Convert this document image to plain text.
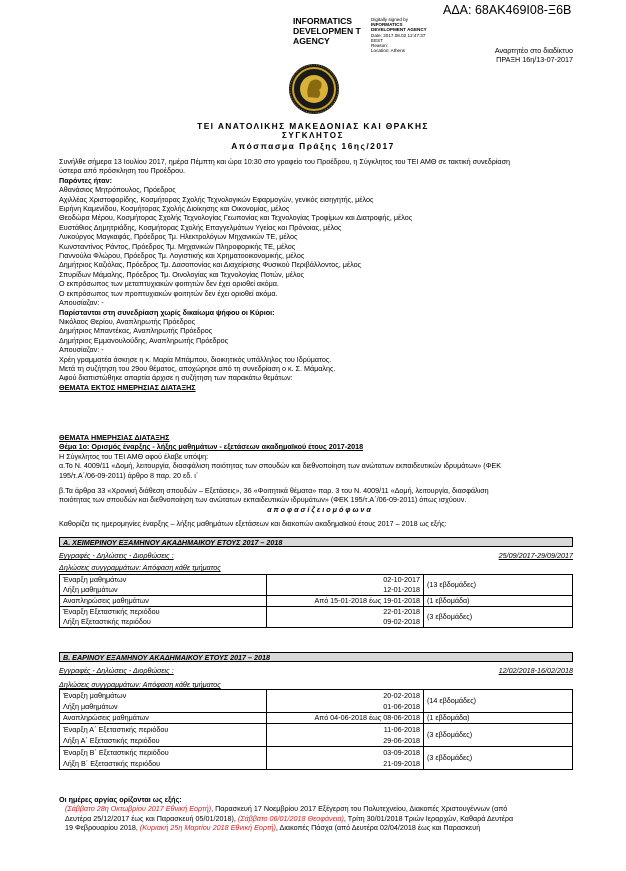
ΑΔΑ: 68ΑΚ469Ι08-Ξ6Β
INFORMATICS DEVELOPMEN T AGENCY
Digitally signed by
INFORMATICS
DEVELOPMENT AGENCY
Date: 2017.08.02 12:47:37
EEST
Reason:
Location: Athens	Αναρτητέο στο διαδίκτυο
ΠΡΑΞΗ 16η/13-07-2017
ΤΕΙ ΑΝΑΤΟΛΙΚΗΣ ΜΑΚΕΔΟΝΙΑΣ ΚΑΙ ΘΡΑΚΗΣ
ΣΥΓΚΛΗΤΟΣ
Απόσπασμα Πράξης 16ης/2017
Συνήλθε σήμερα 13 Ιουλίου 2017, ημέρα Πέμπτη και ώρα 10:30 στο γραφείο του Προέδρου, η Σύγκλητος του ΤΕΙ ΑΜΘ σε τακτική συνεδρίαση
ύστερα από πρόσκληση του Προέδρου.
Παρόντες ήταν:
Αθανάσιος Μητρόπουλος, Πρόεδρος
Αχιλλέας Χριστοφορίδης, Κοσμήτορας Σχολής Τεχνολογικών Εφαρμογών, γενικός εισηγητής, μέλος
Ειρήνη Καμενίδου, Κοσμήτορας Σχολής Διοίκησης και Οικονομίας, μέλος
Θεοδώρα Μέρου, Κοσμήτορας Σχολής Τεχνολογίας Γεωπονίας και Τεχνολογίας Τροφίμων και Διατροφής, μέλος
Ευστάθιος Δημητριάδης, Κοσμήτορας Σχολής Επαγγελμάτων Υγείας και Πρόνοιας, μέλος
Λυκούργος Μαγκαφάς, Πρόεδρος Τμ. Ηλεκτρολόγων Μηχανικών ΤΕ, μέλος
Κωνσταντίνος Ράντος, Πρόεδρος Τμ. Μηχανικών Πληροφορικής ΤΕ, μέλος
Γιαννούλα Φλώρου, Πρόεδρος Τμ. Λογιστικής και Χρηματοοικονομικής, μέλος
Δημήτριος Καζιόλας, Πρόεδρος Τμ. Δασοπονίας και Διαχείρισης Φυσικού Περιβάλλοντος, μέλος
Σπυρίδων Μάμαλης, Πρόεδρος Τμ. Οινολογίας και Τεχνολογίας Ποτών, μέλος
Ο εκπρόσωπος των μεταπτυχιακών φοιτητών δεν έχει οριοθεί ακόμα.
Ο εκπρόσωπος των προπτυχιακών φοιτητών δεν έχει οριοθεί ακόμα.
Απουσίαζαν: -
Παρίστανται στη συνεδρίαση χωρίς δικαίωμα ψήφου οι Κύριοι:
Νικόλαος Θερίου, Αναπληρωτής Πρόεδρος
Δημήτριος Μπαντέκας, Αναπληρωτής Πρόεδρος
Δημήτριος Εμμανουλούδης, Αναπληρωτής Πρόεδρος
Απουσίαζαν: -
Χρέη γραμματέα άσκησε η κ. Μαρία Μπάμπου, διοικητικός υπάλληλος του Ιδρύματος.
Μετά τη συζήτηση του 29ου θέματος, αποχώρησε από τη συνεδρίαση ο κ. Σ. Μάμαλης.
Αφού διαπιστώθηκε απαρτία άρχισε η συζήτηση των παρακάτω θεμάτων:
ΘΕΜΑΤΑ ΕΚΤΟΣ ΗΜΕΡΗΣΙΑΣ ΔΙΑΤΑΞΗΣ
ΘΕΜΑΤΑ ΗΜΕΡΗΣΙΑΣ ΔΙΑΤΑΞΗΣ
Θέμα 1ο: Ορισμός έναρξης - λήξης μαθημάτων - εξετάσεων ακαδημαϊκού έτους 2017-2018
Η Σύγκλητος του ΤΕΙ ΑΜΘ αφού έλαβε υπόψη:
α.Το Ν. 4009/11 «Δομή, λειτουργία, διασφάλιση ποιότητας των σπουδών και διεθνοποίηση των ανώτατων εκπαιδευτικών ιδρυμάτων» (ΦΕΚ
195/τ.Α΄/06-09-2011) άρθρο 8 παρ. 20 εδ. ι΄
β.Τα άρθρα 33 «Χρονική διάθεση σπουδών – Εξετάσεις», 36 «Φοιτητικά θέματα» παρ. 3 του Ν. 4009/11 «Δομή, λειτουργία, διασφάλιση
ποιότητας των σπουδών και διεθνοποίηση των ανώτατων εκπαιδευτικών ιδρυμάτων» (ΦΕΚ 195/τ.Α΄/06-09-2011) όπως ισχύουν.
α π ο φ α σ ί ζ ε ι ο μ ό φ ω ν α
Καθορίζει τις ημερομηνίες έναρξης – λήξης μαθημάτων εξετάσεων και διακοπών ακαδημαϊκού έτους 2017 – 2018 ως εξής:
Α. ΧΕΙΜΕΡΙΝΟΥ ΕΞΑΜΗΝΟΥ ΑΚΑΔΗΜΑΙΚΟΥ ΕΤΟΥΣ 2017 – 2018
Εγγραφές - Δηλώσεις - Διορθώσεις :	25/09/2017-29/09/2017
Δηλώσεις συγγραμμάτων: Απόφαση κάθε τμήματος
Έναρξη μαθημάτων	02-10-2017	(13 εβδομάδες)
Λήξη μαθημάτων	12-01-2018	
Αναπληρώσεις μαθημάτων	Από 15-01-2018 έως 19-01-2018	(1 εβδομάδα)
Έναρξη Εξεταστικής περιόδου	22-01-2018	(3 εβδομάδες)
Λήξη Εξεταστικής περιόδου	09-02-2018	
Β. ΕΑΡΙΝΟΥ ΕΞΑΜΗΝΟΥ ΑΚΑΔΗΜΑΙΚΟΥ ΕΤΟΥΣ 2017 – 2018
Εγγραφές - Δηλώσεις - Διορθώσεις :	12/02/2018-16/02/2018
Δηλώσεις συγγραμμάτων: Απόφαση κάθε τμήματος
Έναρξη μαθημάτων	20-02-2018	(14 εβδομάδες)
Λήξη μαθημάτων	01-06-2018	
Αναπληρώσεις μαθημάτων	Από 04-06-2018 έως 08-06-2018	(1 εβδομάδα)
Έναρξη Α΄ Εξεταστικής περιόδου	11-06-2018	(3 εβδομάδες)
Λήξη Α΄ Εξεταστικής περιόδου	29-06-2018	
Έναρξη Β΄ Εξεταστικής περιόδου	03-09-2018	(3 εβδομάδες)
Λήξη Β΄ Εξεταστικής περιόδου	21-09-2018	
Οι ημέρες αργίας ορίζονται ως εξής:
(Σάββατο 28η Οκτωβρίου 2017 Εθνική Εορτή), Παρασκευή 17 Νοεμβρίου 2017 Εξέγερση του Πολυτεχνείου, Διακοπές Χριστουγέννων (από
Δευτέρα 25/12/2017 έως και Παρασκευή 05/01/2018), (Σάββατο 06/01/2018 Θεοφάνεια), Τρίτη 30/01/2018 Τριών Ιεραρχών, Καθαρά Δευτέρα
19 Φεβρουαρίου 2018, (Κυριακή 25η Μαρτίου 2018 Εθνική Εορτή), Διακοπές Πάσχα (από Δευτέρα 02/04/2018 έως και Παρασκευή
